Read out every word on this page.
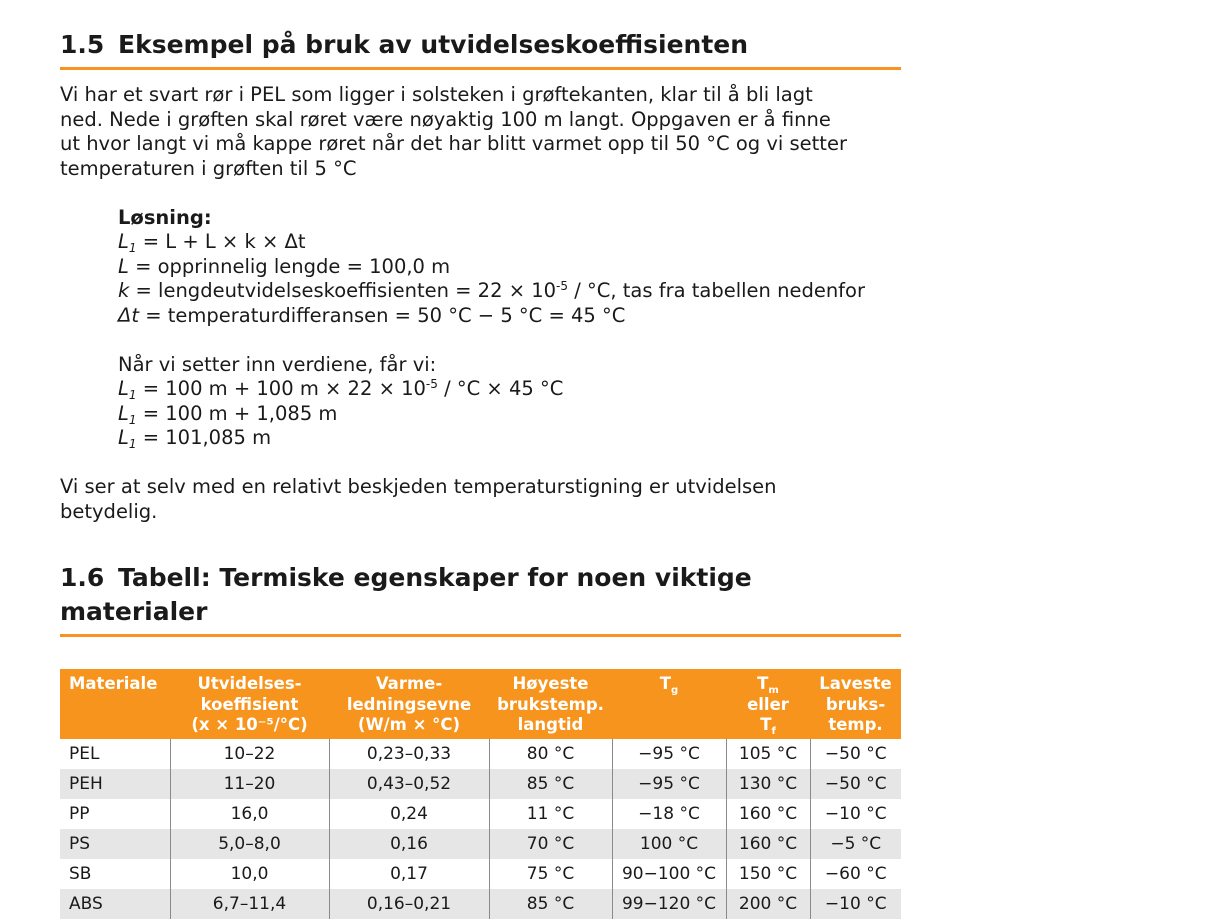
1.5 Eksempel på bruk av utvidelseskoeffisienten

Vi har et svart rør i PEL som ligger i solsteken i grøftekanten, klar til å bli lagt
ned. Nede i grøften skal røret være nøyaktig 100 m langt. Oppgaven er å finne
ut hvor langt vi må kappe røret når det har blitt varmet opp til 50 °C og vi setter
temperaturen i grøften til 5 °C

Løsning:
$L_1 = L + L \times k \times \Delta t$
L = opprinnelig lengde = 100,0 m
k = lengdeutvidelseskoeffisienten = $22 \times 10^{-5} / ^\circ C$, tas fra tabellen nedenfor
Δt = temperaturdifferansen = 50 °C − 5 °C = 45 °C
Når vi setter inn verdiene, får vi:
$L_1 = 100$ m + 100 $m \times 22 \times 10^{-5} / ^\circ C \times 45$ °C
$L_1 = 100$ m + 1,085 m
$L_1 = 101,085$ m

Vi ser at selv med en relativt beskjeden temperaturstigning er utvidelsen
betydelig.

1.6 Tabell: Termiske egenskaper for noen viktige materialer
Materiale	Utvidelses-
koeffisient
(x × 10⁻⁵/°C)	Varme-
ledningsevne
(W/m × °C)	Høyeste
brukstemp.
langtid	$T_g$	$T_m$
eller
$T_f$	Laveste
bruks-
temp.
PEL	10–22	0,23–0,33	80 °C	−95 °C	105 °C	−50 °C
PEH	11–20	0,43–0,52	85 °C	−95 °C	130 °C	−50 °C
PP	16,0	0,24	11 °C	−18 °C	160 °C	−10 °C
PS	5,0–8,0	0,16	70 °C	100 °C	160 °C	−5 °C
SB	10,0	0,17	75 °C	90−100 °C	150 °C	−60 °C
ABS	6,7–11,4	0,16–0,21	85 °C	99−120 °C	200 °C	−10 °C
